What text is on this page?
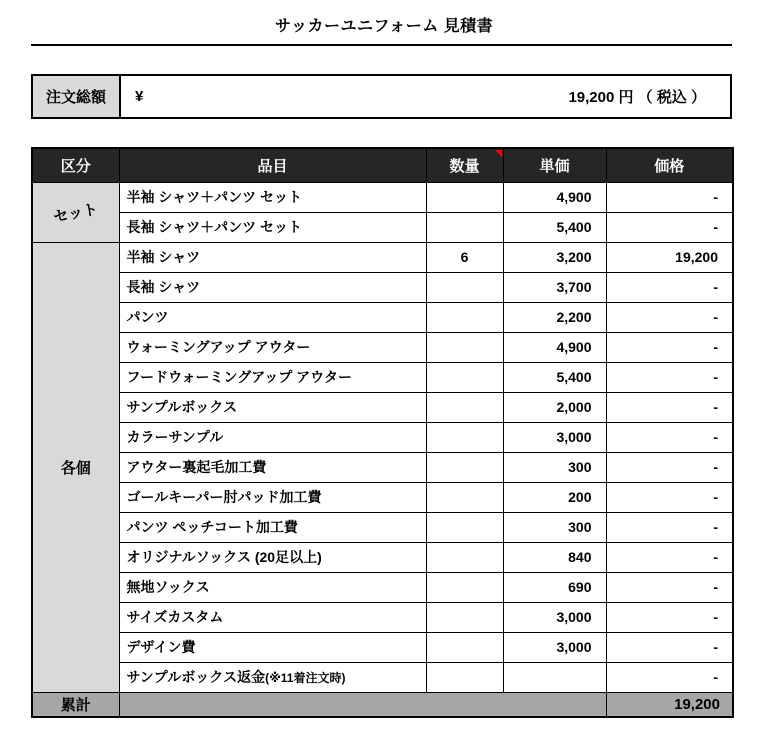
サッカーユニフォーム 見積書
注文総額	¥	19,200 円 （ 税込 ）
区分	品目	数量	単価	価格
セット	半袖 シャツ＋パンツ セット		4,900	-
	長袖 シャツ＋パンツ セット		5,400	-
各個	半袖 シャツ	6	3,200	19,200
	長袖 シャツ		3,700	-
	パンツ		2,200	-
	ウォーミングアップ アウター		4,900	-
	フードウォーミングアップ アウター		5,400	-
	サンプルボックス		2,000	-
	カラーサンプル		3,000	-
	アウター裏起毛加工費		300	-
	ゴールキーパー肘パッド加工費		200	-
	パンツ ペッチコート加工費		300	-
	オリジナルソックス (20足以上)		840	-
	無地ソックス		690	-
	サイズカスタム		3,000	-
	デザイン費		3,000	-
	サンプルボックス返金(※11着注文時)			-
累計				19,200
